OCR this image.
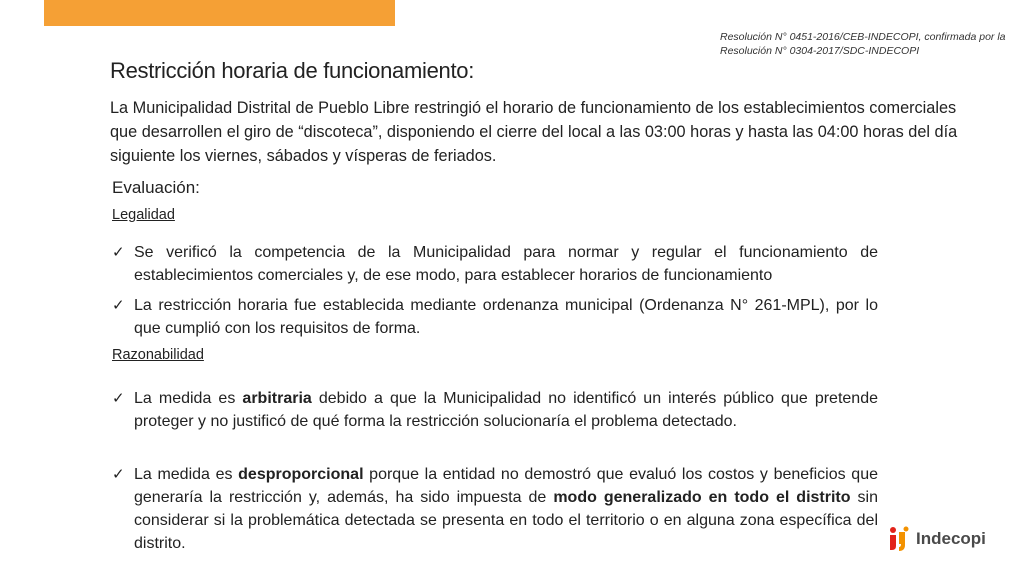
Resolución N° 0451-2016/CEB-INDECOPI, confirmada por la Resolución N° 0304-2017/SDC-INDECOPI
Restricción horaria de funcionamiento:
La Municipalidad Distrital de Pueblo Libre restringió el horario de funcionamiento de los establecimientos comerciales que desarrollen el giro de “discoteca”, disponiendo el cierre del local a las 03:00 horas y hasta las 04:00 horas del día siguiente los viernes, sábados y vísperas de feriados.
Evaluación:
Legalidad
✓ Se verificó la competencia de la Municipalidad para normar y regular el funcionamiento de establecimientos comerciales y, de ese modo, para establecer horarios de funcionamiento
✓ La restricción horaria fue establecida mediante ordenanza municipal (Ordenanza N° 261-MPL), por lo que cumplió con los requisitos de forma.
Razonabilidad
✓ La medida es arbitraria debido a que la Municipalidad no identificó un interés público que pretende proteger y no justificó de qué forma la restricción solucionaría el problema detectado.
✓ La medida es desproporcional porque la entidad no demostró que evaluó los costos y beneficios que generaría la restricción y, además, ha sido impuesta de modo generalizado en todo el distrito sin considerar si la problemática detectada se presenta en todo el territorio o en alguna zona específica del distrito.	Indecopi
